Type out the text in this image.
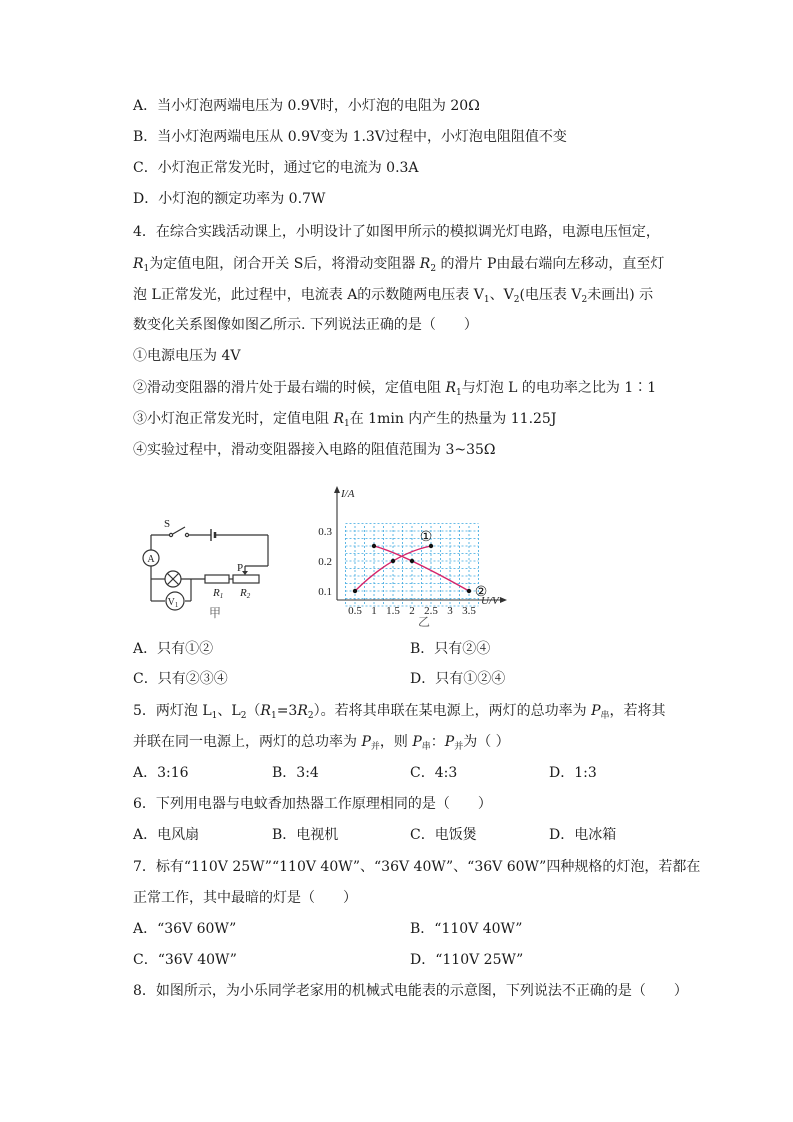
A．当小灯泡两端电压为 0.9V时，小灯泡的电阻为 20Ω
B．当小灯泡两端电压从 0.9V变为 1.3V过程中，小灯泡电阻阻值不变
C．小灯泡正常发光时，通过它的电流为 0.3A
D．小灯泡的额定功率为 0.7W
4．在综合实践活动课上，小明设计了如图甲所示的模拟调光灯电路，电源电压恒定，
$R_1$为定值电阻，闭合开关 S后，将滑动变阻器 $R_2$ 的滑片 P由最右端向左移动，直至灯
泡 L正常发光，此过程中，电流表 A的示数随两电压表 $V_1$、$V_2$(电压表 $V_2$未画出) 示
数变化关系图像如图乙所示. 下列说法正确的是（　　）
①电源电压为 4V
②滑动变阻器的滑片处于最右端的时候，定值电阻 $R_1$与灯泡 L 的电功率之比为 1∶1
③小灯泡正常发光时，定值电阻 $R_1$在 1min 内产生的热量为 11.25J
④实验过程中，滑动变阻器接入电路的阻值范围为 3~35Ω
A
$V_1$
S
P
R1 R2
甲
I/A
U/V
0.3
0.2
0.1
0.5 1 1.5 2 2.5 3 3.5
①
②
乙
A．只有①②	B．只有②④
C．只有②③④	D．只有①②④
5．两灯泡 $L_1$、$L_2(R_1=3R_2)$。若将其串联在某电源上，两灯的总功率为 $P_串$，若将其
并联在同一电源上，两灯的总功率为 $P_并$，则 $P_串$：$P_并$为（ ）
A．3:16	B．3:4	C．4:3	D．1:3
6．下列用电器与电蚊香加热器工作原理相同的是（　　）
A．电风扇	B．电视机	C．电饭煲	D．电冰箱
7．标有“110V 25W”“110V 40W”、“36V 40W”、“36V 60W”四种规格的灯泡，若都在
正常工作，其中最暗的灯是（　　）
A．“36V 60W”	B．“110V 40W”
C．“36V 40W”	D．“110V 25W”
8．如图所示，为小乐同学老家用的机械式电能表的示意图，下列说法不正确的是（　　）
